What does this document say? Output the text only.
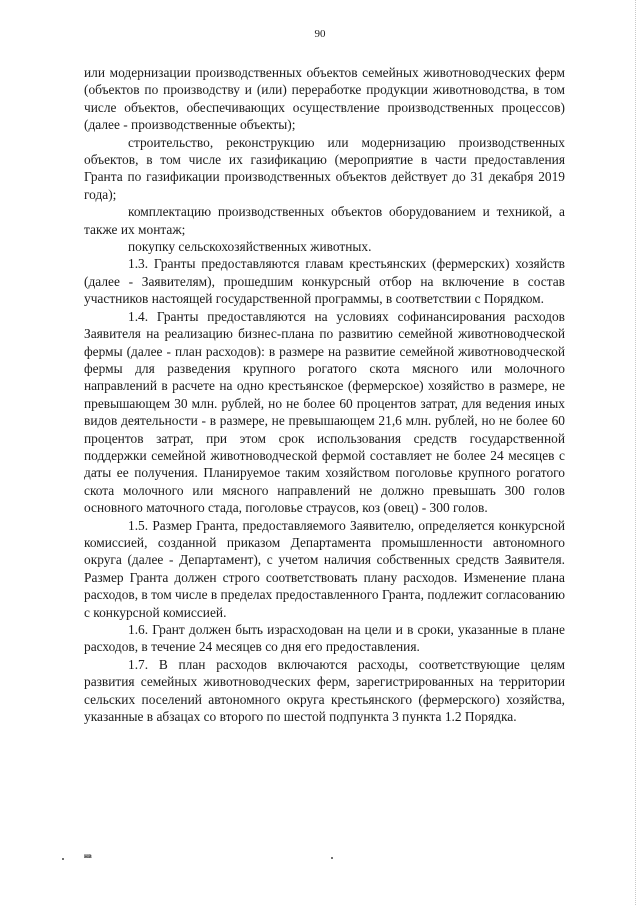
90

или модернизации производственных объектов семейных животноводческих ферм (объектов по производству и (или) переработке продукции животноводства, в том числе объектов, обеспечивающих осуществление производственных процессов) (далее - производственные объекты);

строительство, реконструкцию или модернизацию производственных объектов, в том числе их газификацию (мероприятие в части предоставления Гранта по газификации производственных объектов действует до 31 декабря 2019 года);

комплектацию производственных объектов оборудованием и техникой, а также их монтаж;

покупку сельскохозяйственных животных.

1.3. Гранты предоставляются главам крестьянских (фермерских) хозяйств (далее - Заявителям), прошедшим конкурсный отбор на включение в состав участников настоящей государственной программы, в соответствии с Порядком.

1.4. Гранты предоставляются на условиях софинансирования расходов Заявителя на реализацию бизнес-плана по развитию семейной животноводческой фермы (далее - план расходов): в размере на развитие семейной животноводческой фермы для разведения крупного рогатого скота мясного или молочного направлений в расчете на одно крестьянское (фермерское) хозяйство в размере, не превышающем 30 млн. рублей, но не более 60 процентов затрат, для ведения иных видов деятельности - в размере, не превышающем 21,6 млн. рублей, но не более 60 процентов затрат, при этом срок использования средств государственной поддержки семейной животноводческой фермой составляет не более 24 месяцев с даты ее получения. Планируемое таким хозяйством поголовье крупного рогатого скота молочного или мясного направлений не должно превышать 300 голов основного маточного стада, поголовье страусов, коз (овец) - 300 голов.

1.5. Размер Гранта, предоставляемого Заявителю, определяется конкурсной комиссией, созданной приказом Департамента промышленности автономного округа (далее - Департамент), с учетом наличия собственных средств Заявителя. Размер Гранта должен строго соответствовать плану расходов. Изменение плана расходов, в том числе в пределах предоставленного Гранта, подлежит согласованию с конкурсной комиссией.

1.6. Грант должен быть израсходован на цели и в сроки, указанные в плане расходов, в течение 24 месяцев со дня его предоставления.

1.7. В план расходов включаются расходы, соответствующие целям развития семейных животноводческих ферм, зарегистрированных на территории сельских поселений автономного округа крестьянского (фермерского) хозяйства, указанные в абзацах со второго по шестой подпункта 3 пункта 1.2 Порядка.

нв
